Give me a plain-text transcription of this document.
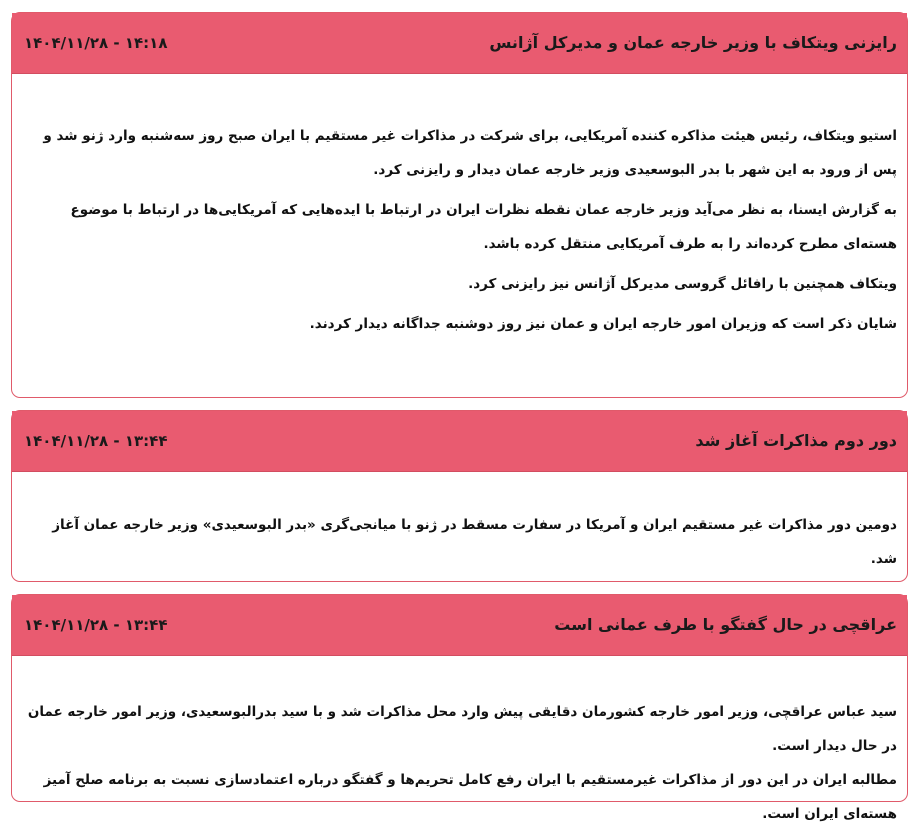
رایزنی ویتکاف با وزیر خارجه عمان و مدیرکل آژانس
۱۴۰۴/۱۱/۲۸ - ۱۴:۱۸

استیو ویتکاف، رئیس هیئت مذاکره کننده آمریکایی، برای شرکت در مذاکرات غیر مستقیم با ایران صبح روز سه‌شنبه وارد ژنو شد و پس از ورود به این شهر با بدر البوسعیدی وزیر خارجه عمان دیدار و رایزنی کرد.

به گزارش ایسنا، به نظر می‌آید وزیر خارجه عمان نقطه نظرات ایران در ارتباط با ایده‌هایی که آمریکایی‌ها در ارتباط با موضوع هسته‌ای مطرح کرده‌اند را به طرف آمریکایی منتقل کرده باشد.

ویتکاف همچنین با رافائل گروسی مدیرکل آژانس نیز رایزنی کرد.

شایان ذکر است که وزیران امور خارجه ایران و عمان نیز روز دوشنبه جداگانه دیدار کردند.

دور دوم مذاکرات آغاز شد
۱۴۰۴/۱۱/۲۸ - ۱۳:۴۴

دومین دور مذاکرات غیر مستقیم ایران و آمریکا در سفارت مسقط در ژنو با میانجی‌گری «بدر البوسعیدی» وزیر خارجه عمان آغاز شد.

عراقچی در حال گفتگو با طرف عمانی است
۱۴۰۴/۱۱/۲۸ - ۱۳:۴۴

سید عباس عراقچی، وزیر امور خارجه کشورمان دقایقی پیش وارد محل مذاکرات شد و با سید بدرالبوسعیدی، وزیر امور خارجه عمان در حال دیدار است.

مطالبه ایران در این دور از مذاکرات غیرمستقیم با ایران رفع کامل تحریم‌ها و گفتگو درباره اعتمادسازی نسبت به برنامه صلح آمیز هسته‌ای ایران است.
